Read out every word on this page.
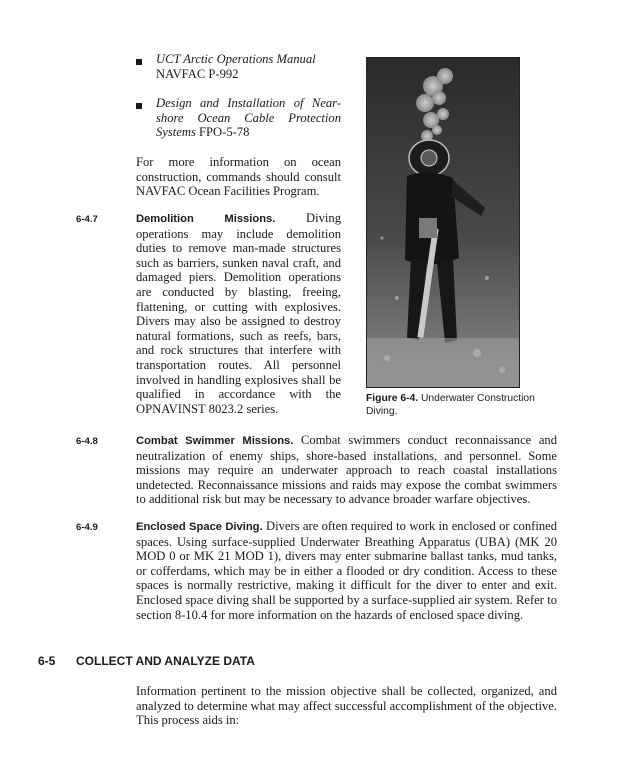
UCT Arctic Operations Manual
NAVFAC P-992
Design and Installation of Near-shore Ocean Cable Protection Systems FPO-5-78
For more information on ocean construction, commands should consult NAVFAC Ocean Facilities Program.
6-4.7	Demolition Missions. Diving operations may include demolition duties to remove man-made structures such as barriers, sunken naval craft, and damaged piers. Demolition operations are conducted by blasting, freeing, flattening, or cutting with explosives. Divers may also be assigned to destroy natural formations, such as reefs, bars, and rock structures that interfere with transportation routes. All personnel involved in handling explosives shall be qualified in accordance with the OPNAVINST 8023.2 series.
Figure 6-4. Underwater Construction Diving.
6-4.8	Combat Swimmer Missions. Combat swimmers conduct reconnaissance and neutralization of enemy ships, shore-based installations, and personnel. Some missions may require an underwater approach to reach coastal installations undetected. Reconnaissance missions and raids may expose the combat swimmers to additional risk but may be necessary to advance broader warfare objectives.
6-4.9	Enclosed Space Diving. Divers are often required to work in enclosed or confined spaces. Using surface-supplied Underwater Breathing Apparatus (UBA) (MK 20 MOD 0 or MK 21 MOD 1), divers may enter submarine ballast tanks, mud tanks, or cofferdams, which may be in either a flooded or dry condition. Access to these spaces is normally restrictive, making it difficult for the diver to enter and exit. Enclosed space diving shall be supported by a surface-supplied air system. Refer to section 8-10.4 for more information on the hazards of enclosed space diving.
6-5 COLLECT AND ANALYZE DATA
Information pertinent to the mission objective shall be collected, organized, and analyzed to determine what may affect successful accomplishment of the objective. This process aids in:
